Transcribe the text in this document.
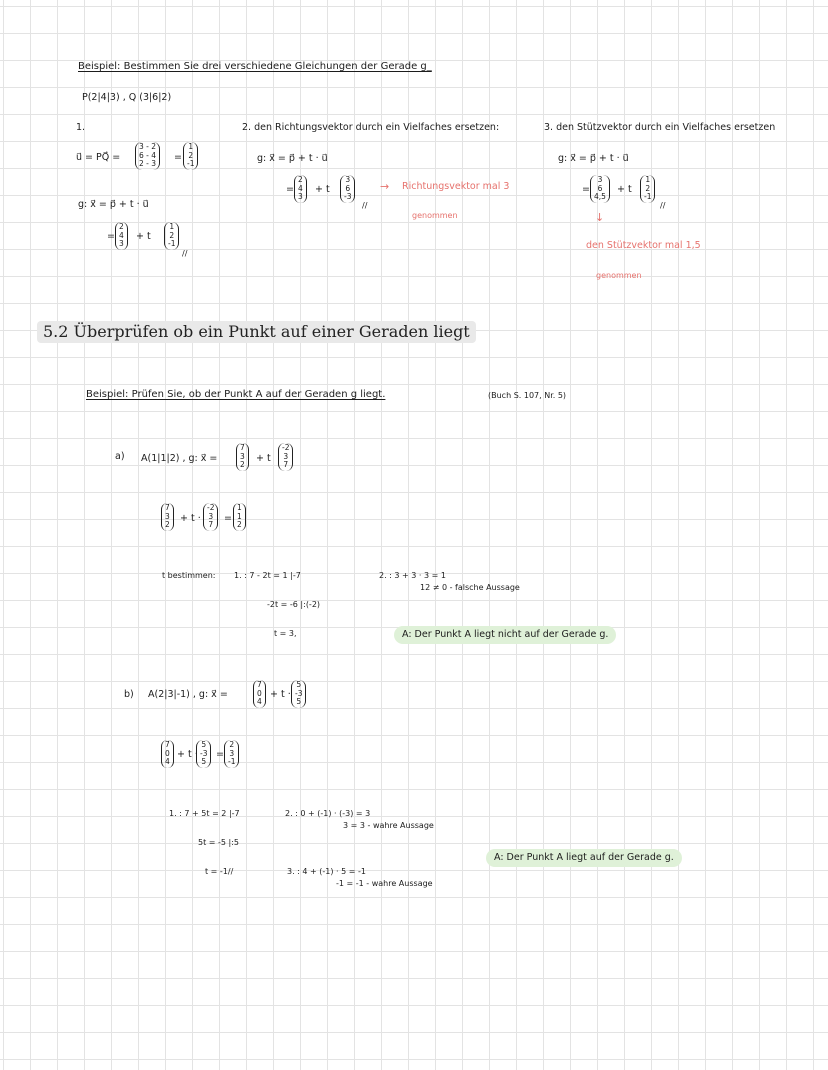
Beispiel: Bestimmen Sie drei verschiedene Gleichungen der Gerade g_
P(2|4|3) , Q (3|6|2)
1.
u⃗ = PQ⃗ =
3 - 2
6 - 4
2 - 3
=
1
2
-1
g: x⃗ = p⃗ + t · u⃗
=
2
4
3
+ t
1
2
-1
//
2. den Richtungsvektor durch ein Vielfaches ersetzen:
g: x⃗ = p⃗ + t · u⃗
=
2
4
3
+ t
3
6
-3
//
→ Richtungsvektor mal 3
genommen
3. den Stützvektor durch ein Vielfaches ersetzen
g: x⃗ = p⃗ + t · u⃗
=
3
6
4,5
+ t
1
2
-1
//
↓
den Stützvektor mal 1,5
genommen
5.2 Überprüfen ob ein Punkt auf einer Geraden liegt
Beispiel: Prüfen Sie, ob der Punkt A auf der Geraden g liegt.	(Buch S. 107, Nr. 5)
a) A(1|1|2) , g: x⃗ =
7
3
2
+ t
-2
3
7
7
3
2
+ t ·
-2
3
7
=
1
1
2
t bestimmen: 1. : 7 - 2t = 1 |-7
-2t = -6 |:(-2)
t = 3,
2. : 3 + 3 · 3 = 1
12 ≠ 0 - falsche Aussage
A: Der Punkt A liegt nicht auf der Gerade g.
b) A(2|3|-1) , g: x⃗ =
7
0
4
+ t ·
5
-3
5
7
0
4
+ t ·
5
-3
5
=
2
3
-1
1. : 7 + 5t = 2 |-7
5t = -5 |:5
t = -1//
2. : 0 + (-1) · (-3) = 3
3 = 3 - wahre Aussage
3. : 4 + (-1) · 5 = -1
-1 = -1 - wahre Aussage
A: Der Punkt A liegt auf der Gerade g.
